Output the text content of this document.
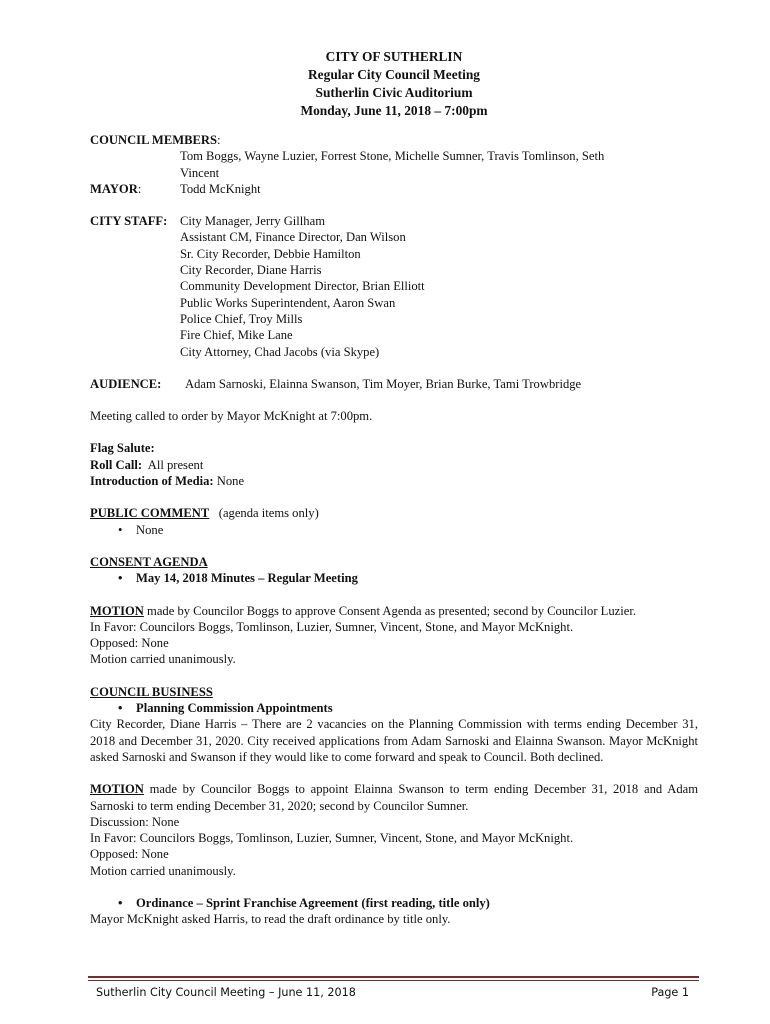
CITY OF SUTHERLIN
Regular City Council Meeting
Sutherlin Civic Auditorium
Monday, June 11, 2018 – 7:00pm
COUNCIL MEMBERS:
Tom Boggs, Wayne Luzier, Forrest Stone, Michelle Sumner, Travis Tomlinson, Seth
Vincent
MAYOR:	Todd McKnight
CITY STAFF:	City Manager, Jerry Gillham
Assistant CM, Finance Director, Dan Wilson
Sr. City Recorder, Debbie Hamilton
City Recorder, Diane Harris
Community Development Director, Brian Elliott
Public Works Superintendent, Aaron Swan
Police Chief, Troy Mills
Fire Chief, Mike Lane
City Attorney, Chad Jacobs (via Skype)
AUDIENCE:	Adam Sarnoski, Elainna Swanson, Tim Moyer, Brian Burke, Tami Trowbridge
Meeting called to order by Mayor McKnight at 7:00pm.
Flag Salute:
Roll Call: All present
Introduction of Media: None
PUBLIC COMMENT (agenda items only)
• None
CONSENT AGENDA
• May 14, 2018 Minutes – Regular Meeting
MOTION made by Councilor Boggs to approve Consent Agenda as presented; second by Councilor Luzier.
In Favor: Councilors Boggs, Tomlinson, Luzier, Sumner, Vincent, Stone, and Mayor McKnight.
Opposed: None
Motion carried unanimously.
COUNCIL BUSINESS
• Planning Commission Appointments
City Recorder, Diane Harris – There are 2 vacancies on the Planning Commission with terms ending December 31, 2018 and December 31, 2020. City received applications from Adam Sarnoski and Elainna Swanson. Mayor McKnight asked Sarnoski and Swanson if they would like to come forward and speak to Council. Both declined.
MOTION made by Councilor Boggs to appoint Elainna Swanson to term ending December 31, 2018 and Adam Sarnoski to term ending December 31, 2020; second by Councilor Sumner.
Discussion: None
In Favor: Councilors Boggs, Tomlinson, Luzier, Sumner, Vincent, Stone, and Mayor McKnight.
Opposed: None
Motion carried unanimously.
• Ordinance – Sprint Franchise Agreement (first reading, title only)
Mayor McKnight asked Harris, to read the draft ordinance by title only.
Sutherlin City Council Meeting – June 11, 2018	Page 1
